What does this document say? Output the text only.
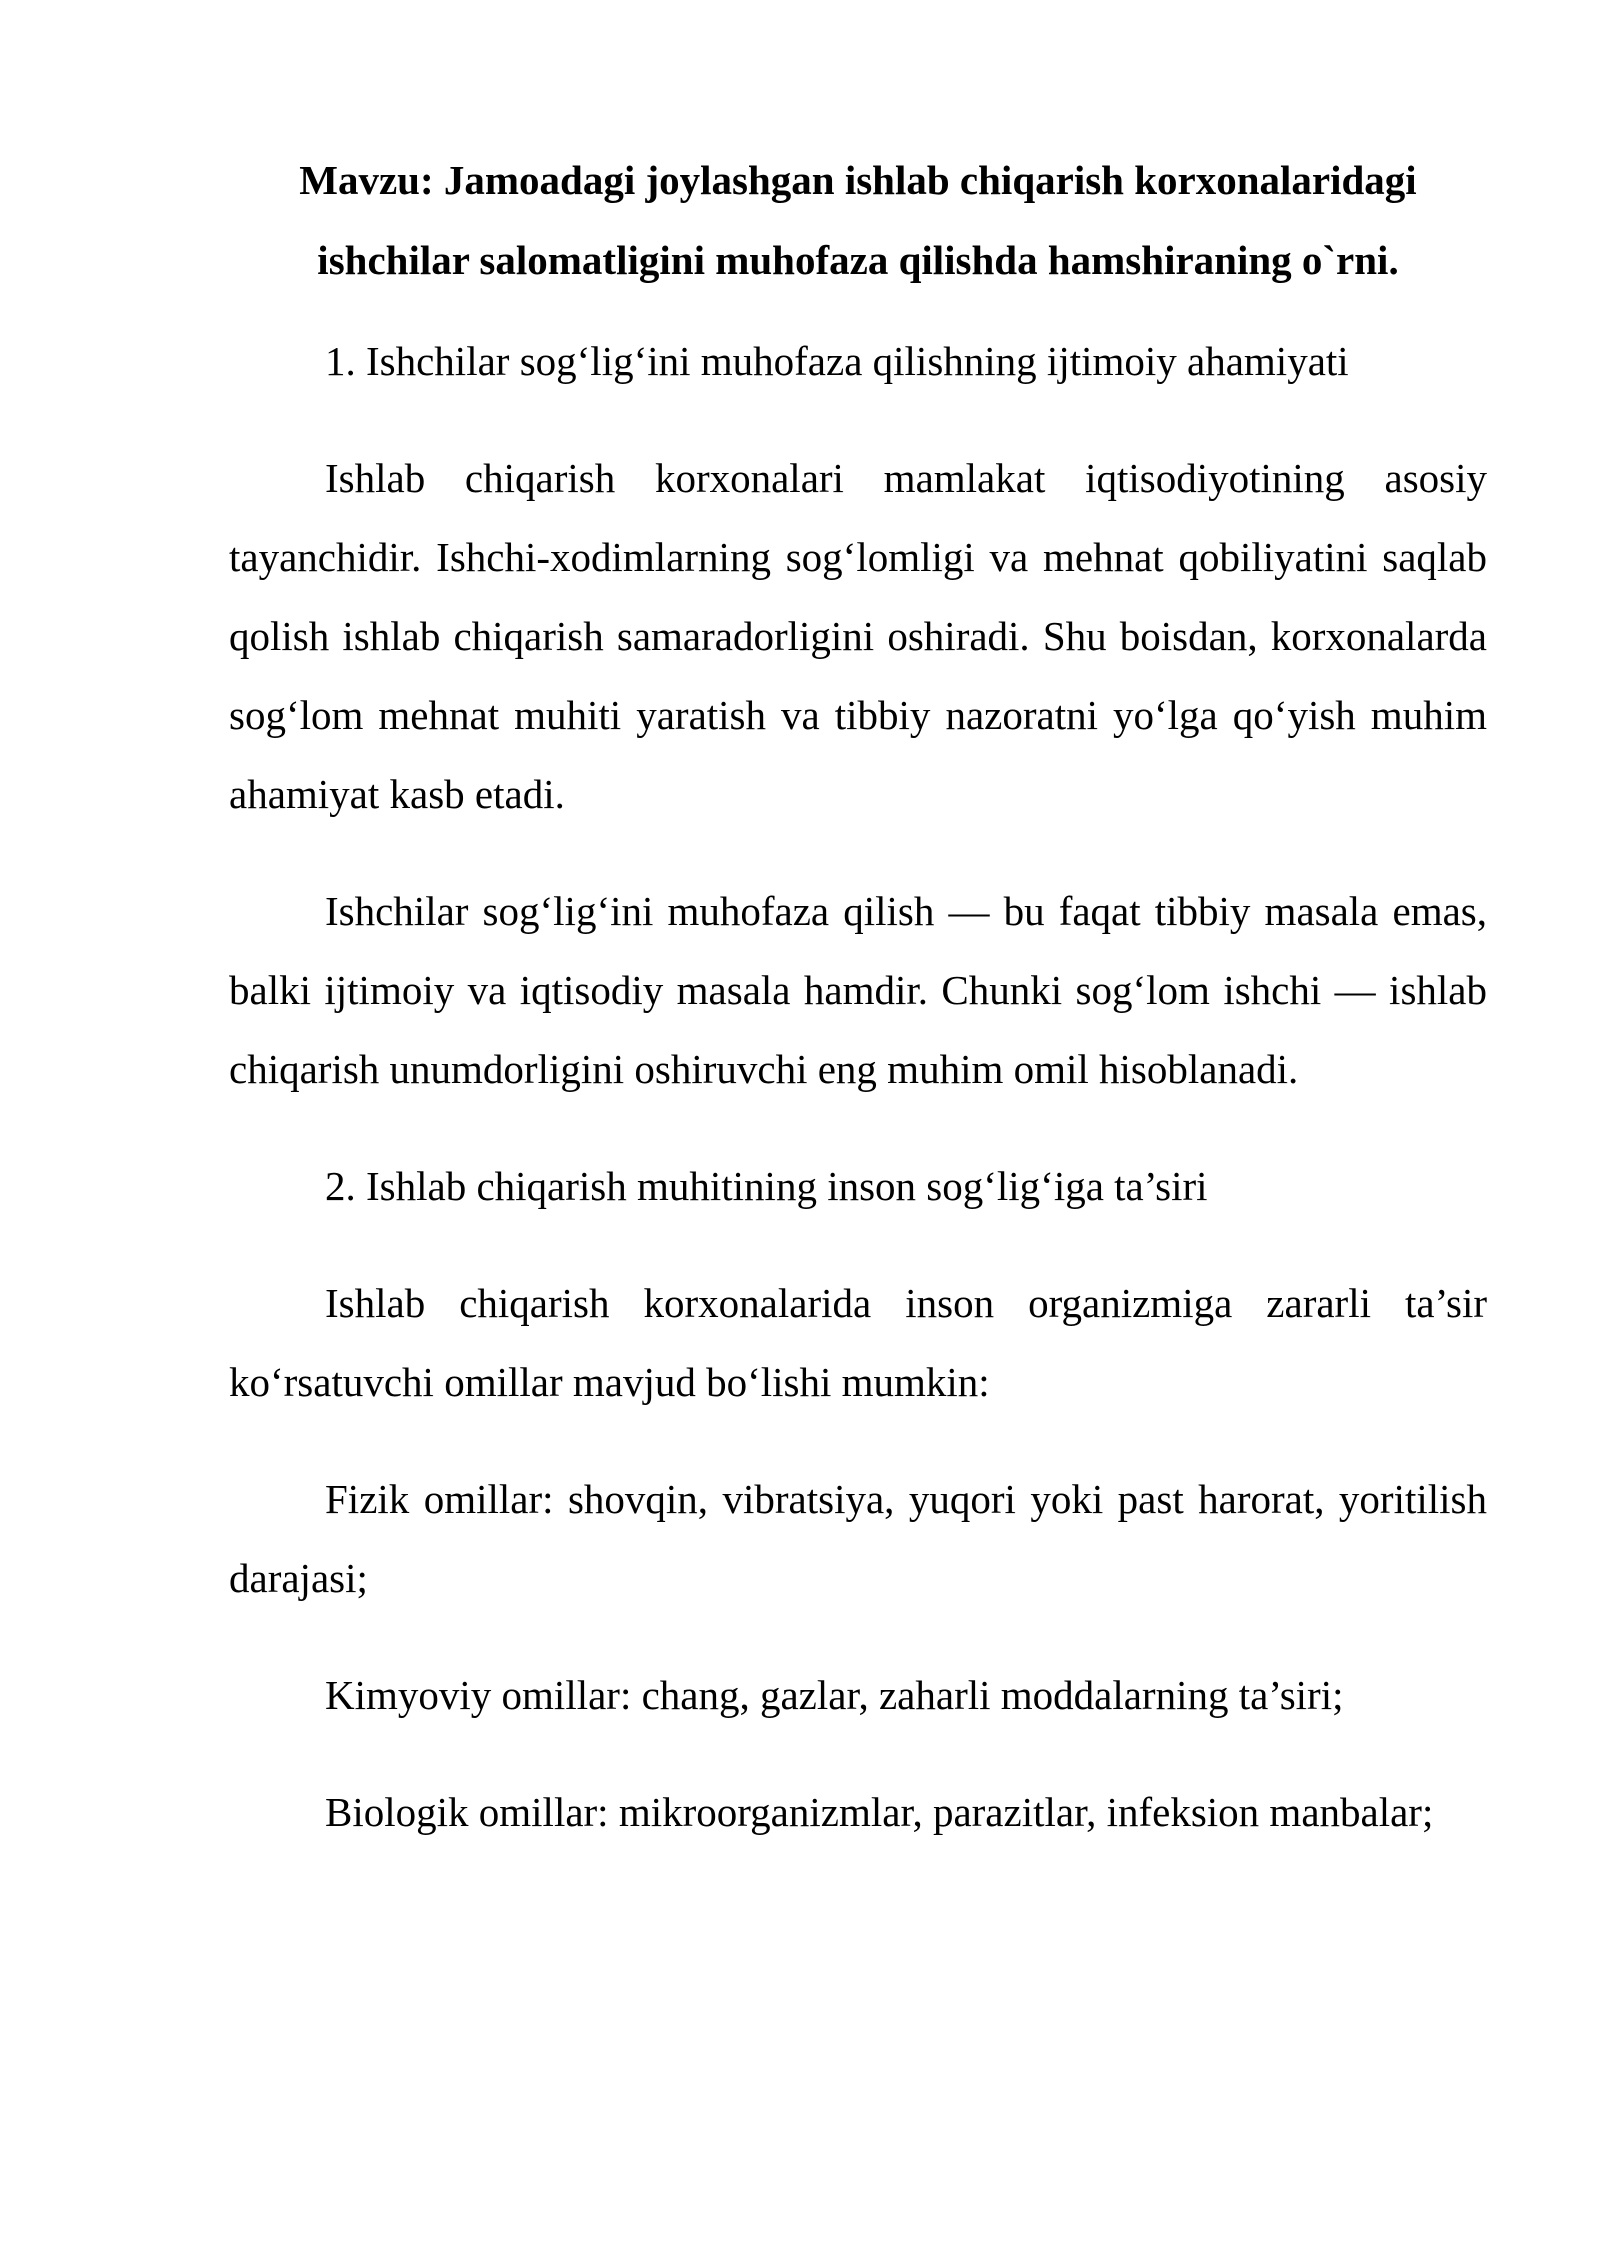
Mavzu: Jamoadagi joylashgan ishlab chiqarish korxonalaridagi ishchilar salomatligini muhofaza qilishda hamshiraning o`rni.
1. Ishchilar sog‘lig‘ini muhofaza qilishning ijtimoiy ahamiyati
Ishlab chiqarish korxonalari mamlakat iqtisodiyotining asosiy tayanchidir. Ishchi-xodimlarning sog‘lomligi va mehnat qobiliyatini saqlab qolish ishlab chiqarish samaradorligini oshiradi. Shu boisdan, korxonalarda sog‘lom mehnat muhiti yaratish va tibbiy nazoratni yo‘lga qo‘yish muhim ahamiyat kasb etadi.
Ishchilar sog‘lig‘ini muhofaza qilish — bu faqat tibbiy masala emas, balki ijtimoiy va iqtisodiy masala hamdir. Chunki sog‘lom ishchi — ishlab chiqarish unumdorligini oshiruvchi eng muhim omil hisoblanadi.
2. Ishlab chiqarish muhitining inson sog‘lig‘iga ta’siri
Ishlab chiqarish korxonalarida inson organizmiga zararli ta’sir ko‘rsatuvchi omillar mavjud bo‘lishi mumkin:
Fizik omillar: shovqin, vibratsiya, yuqori yoki past harorat, yoritilish darajasi;
Kimyoviy omillar: chang, gazlar, zaharli moddalarning ta’siri;
Biologik omillar: mikroorganizmlar, parazitlar, infeksion manbalar;
